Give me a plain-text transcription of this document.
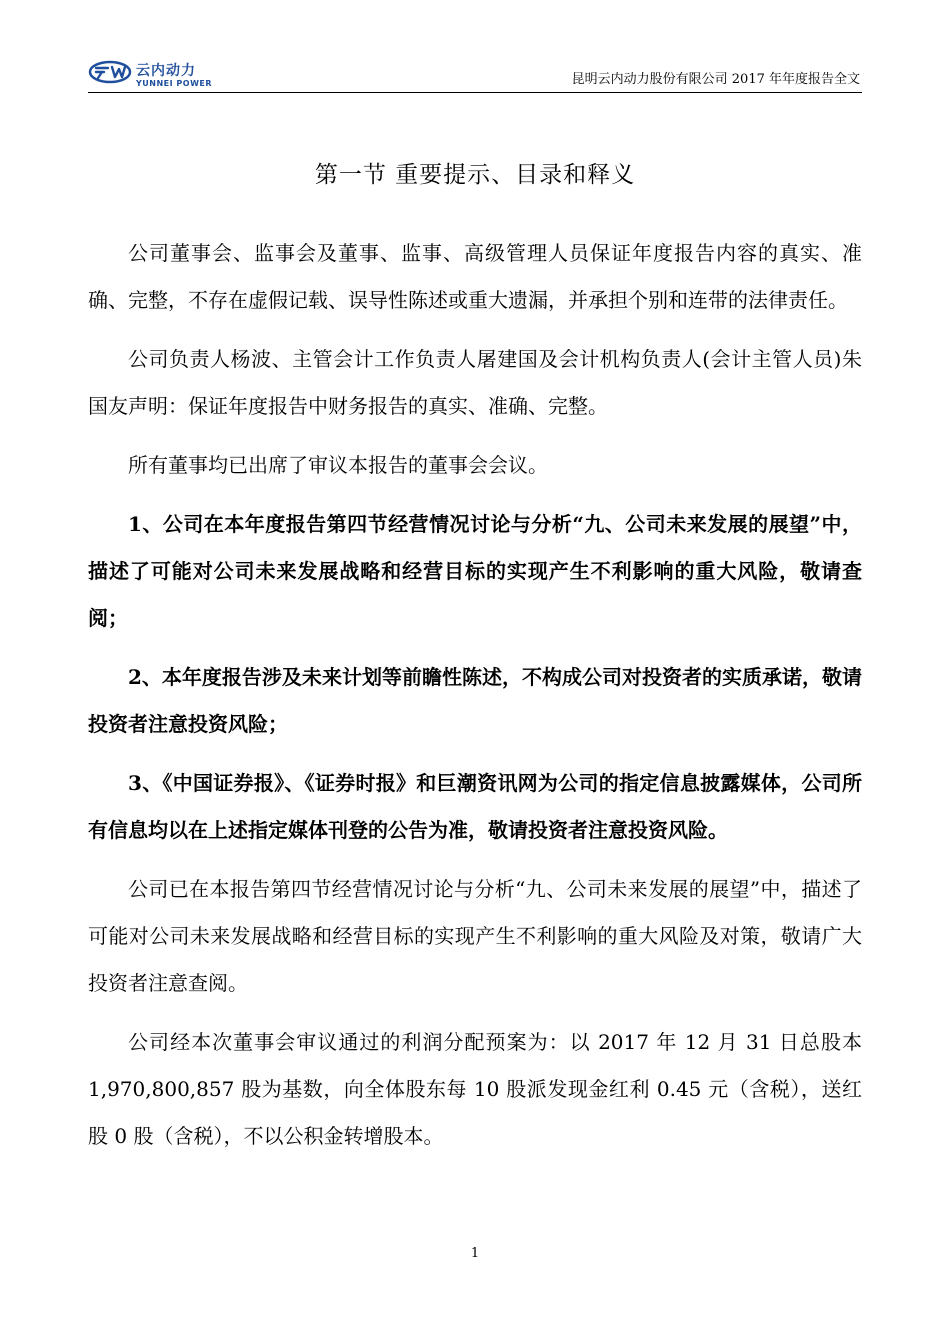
云内动力
YUNNEI POWER	昆明云内动力股份有限公司 2017 年年度报告全文
第一节 重要提示、目录和释义

公司董事会、监事会及董事、监事、高级管理人员保证年度报告内容的真实、准确、完整，不存在虚假记载、误导性陈述或重大遗漏，并承担个别和连带的法律责任。

公司负责人杨波、主管会计工作负责人屠建国及会计机构负责人(会计主管人员)朱国友声明：保证年度报告中财务报告的真实、准确、完整。

所有董事均已出席了审议本报告的董事会会议。

1、公司在本年度报告第四节经营情况讨论与分析“九、公司未来发展的展望”中，描述了可能对公司未来发展战略和经营目标的实现产生不利影响的重大风险，敬请查阅；

2、本年度报告涉及未来计划等前瞻性陈述，不构成公司对投资者的实质承诺，敬请投资者注意投资风险；

3、《中国证券报》、《证券时报》和巨潮资讯网为公司的指定信息披露媒体，公司所有信息均以在上述指定媒体刊登的公告为准，敬请投资者注意投资风险。

公司已在本报告第四节经营情况讨论与分析“九、公司未来发展的展望”中，描述了可能对公司未来发展战略和经营目标的实现产生不利影响的重大风险及对策，敬请广大投资者注意查阅。

公司经本次董事会审议通过的利润分配预案为：以 2017 年 12 月 31 日总股本 1,970,800,857 股为基数，向全体股东每 10 股派发现金红利 0.45 元（含税），送红股 0 股（含税），不以公积金转增股本。

1
